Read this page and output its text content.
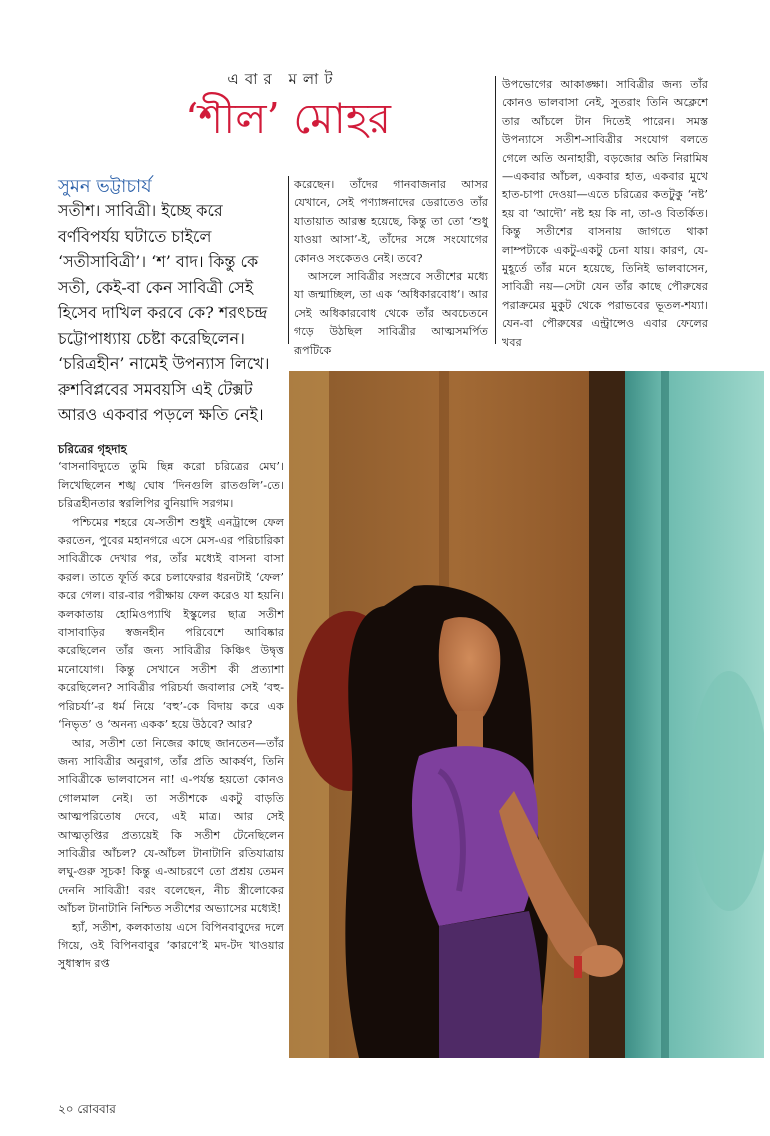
এবার মলাট
‘শীল’ মোহর
সুমন ভট্টাচার্য

সতীশ। সাবিত্রী। ইচ্ছে করে বর্ণবিপর্যয় ঘটাতে চাইলে ‘সতীসাবিত্রী’। ‘শ’ বাদ। কিন্তু কে সতী, কেই-বা কেন সাবিত্রী সেই হিসেব দাখিল করবে কে? শরৎচন্দ্র চট্টোপাধ্যায় চেষ্টা করেছিলেন। ‘চরিত্রহীন’ নামেই উপন্যাস লিখে। রুশবিপ্লবের সমবয়সি এই টেক্সট আরও একবার পড়লে ক্ষতি নেই।

চরিত্রের গৃহদাহ

‘বাসনাবিদ্যুতে তুমি ছিন্ন করো চরিত্রের মেঘ’। লিখেছিলেন শঙ্খ ঘোষ ‘দিনগুলি রাতগুলি’-তে। চরিত্রহীনতার স্বরলিপির বুনিয়াদি সরগম।

পশ্চিমের শহরে যে-সতীশ শুধুই এনট্রান্সে ফেল করতেন, পুবের মহানগরে এসে মেস-এর পরিচারিকা সাবিত্রীকে দেখার পর, তাঁর মধ্যেই বাসনা বাসা করল। তাতে ফূর্তি করে চলাফেরার ধরনটাই ‘ফেল’ করে গেল। বার-বার পরীক্ষায় ফেল করেও যা হয়নি। কলকাতায় হোমিওপ্যাথি ইস্কুলের ছাত্র সতীশ বাসাবাড়ির স্বজনহীন পরিবেশে আবিষ্কার করেছিলেন তাঁর জন্য সাবিত্রীর কিঞ্চিৎ উদ্বৃত্ত মনোযোগ। কিন্তু সেখানে সতীশ কী প্রত্যাশা করেছিলেন? সাবিত্রীর পরিচর্যা জবালার সেই ‘বহু-পরিচর্যা’-র ধর্ম নিয়ে ‘বহু’-কে বিদায় করে এক ‘নিভৃত’ ও ‘অনন্য একক’ হয়ে উঠবে? আর?

আর, সতীশ তো নিজের কাছে জানতেন—তাঁর জন্য সাবিত্রীর অনুরাগ, তাঁর প্রতি আকর্ষণ, তিনি সাবিত্রীকে ভালবাসেন না! এ-পর্যন্ত হয়তো কোনও গোলমাল নেই। তা সতীশকে একটু বাড়তি আত্মপরিতোষ দেবে, এই মাত্র। আর সেই আত্মতৃপ্তির প্রত্যয়েই কি সতীশ টেনেছিলেন সাবিত্রীর আঁচল? যে-আঁচল টানাটানি রতিযাত্রায় লঘু-গুরু সূচক! কিন্তু এ-আচরণে তো প্রশ্রয় তেমন দেননি সাবিত্রী! বরং বলেছেন, নীচ স্ত্রীলোকের আঁচল টানাটানি নিশ্চিত সতীশের অভ্যাসের মধ্যেই!

হ্যাঁ, সতীশ, কলকাতায় এসে বিপিনবাবুদের দলে গিয়ে, ওই বিপিনবাবুর ‘কারণে’ই মদ-টদ খাওয়ার সুধাস্বাদ রপ্ত

করেছেন। তাঁদের গানবাজনার আসর যেখানে, সেই পণ্যাঙ্গনাদের ডেরাতেও তাঁর যাতায়াত আরম্ভ হয়েছে, কিন্তু তা তো ‘শুধু যাওয়া আসা’-ই, তাঁদের সঙ্গে সংযোগের কোনও সংকেতও নেই। তবে?

আসলে সাবিত্রীর সংস্রবে সতীশের মধ্যে যা জন্মাচ্ছিল, তা এক ‘অধিকারবোধ’। আর সেই অধিকারবোধ থেকে তাঁর অবচেতনে গড়ে উঠছিল সাবিত্রীর আত্মসমর্পিত রূপটিকে

উপভোগের আকাঙ্ক্ষা। সাবিত্রীর জন্য তাঁর কোনও ভালবাসা নেই, সুতরাং তিনি অক্লেশে তার আঁচলে টান দিতেই পারেন। সমস্ত উপন্যাসে সতীশ-সাবিত্রীর সংযোগ বলতে গেলে অতি অনাহারী, বড়জোর অতি নিরামিষ—একবার আঁচল, একবার হাত, একবার মুখে হাত-চাপা দেওয়া—এতে চরিত্রের কতটুকু ‘নষ্ট’ হয় বা ‘আদৌ’ নষ্ট হয় কি না, তা-ও বিতর্কিত। কিন্তু সতীশের বাসনায় জাগতে থাকা লাম্পট্যকে একটু-একটু চেনা যায়। কারণ, যে-মুহূর্তে তাঁর মনে হয়েছে, তিনিই ভালবাসেন, সাবিত্রী নয়—সেটা যেন তাঁর কাছে পৌরুষের পরাক্রমের মুকুট থেকে পরাভবের ভূতল-শয্যা। যেন-বা পৌরুষের এন্ট্রান্সেও এবার ফেলের খবর

২০ রোববার
